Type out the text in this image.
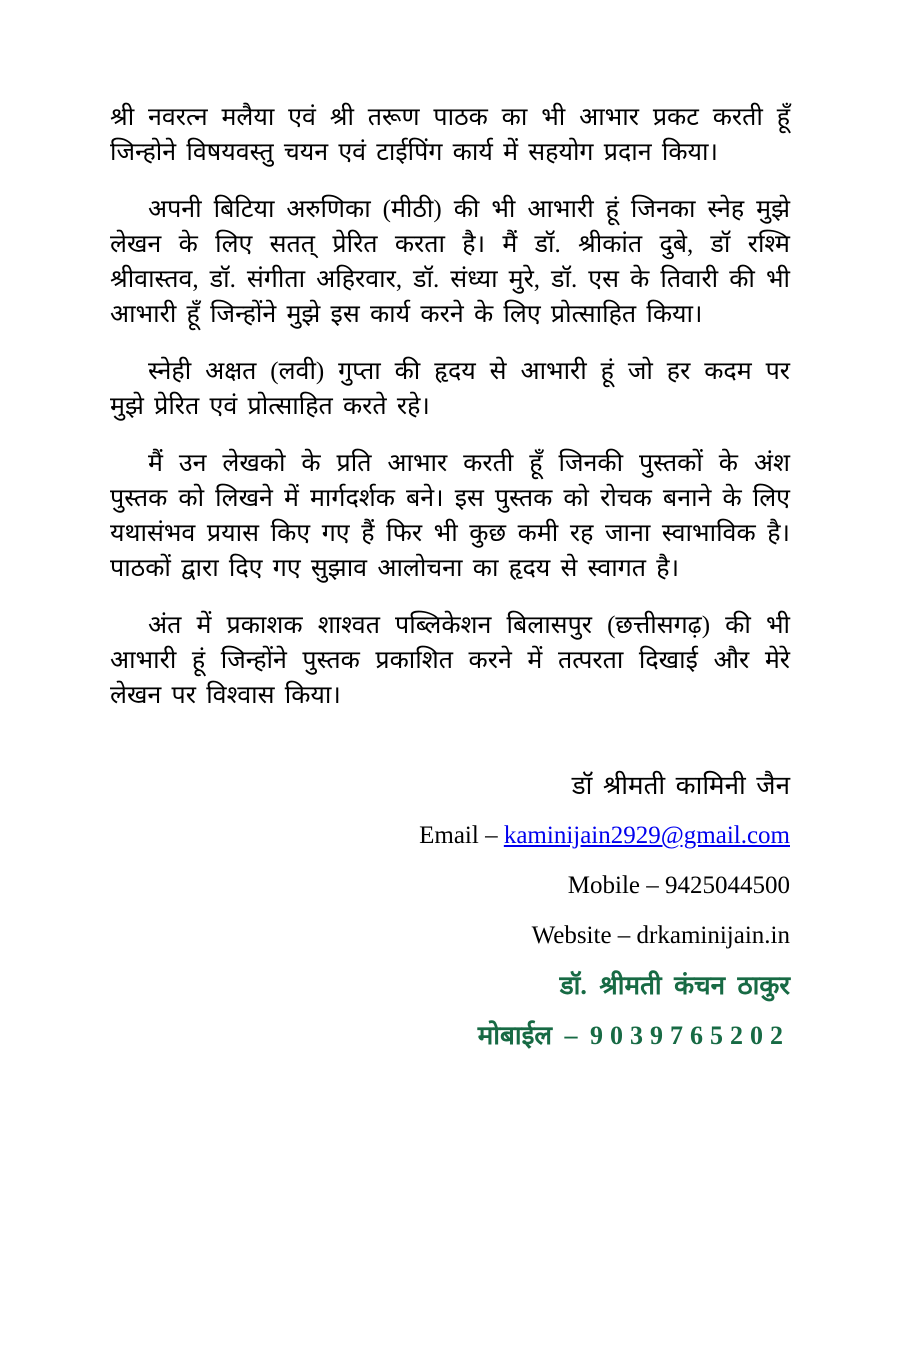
श्री नवरत्न मलैया एवं श्री तरूण पाठक का भी आभार प्रकट करती हूँ जिन्होने विषयवस्तु चयन एवं टाईपिंग कार्य में सहयोग प्रदान किया।

अपनी बिटिया अरुणिका (मीठी) की भी आभारी हूं जिनका स्नेह मुझे लेखन के लिए सतत् प्रेरित करता है। मैं डॉ. श्रीकांत दुबे, डॉ रश्मि श्रीवास्तव, डॉ. संगीता अहिरवार, डॉ. संध्या मुरे, डॉ. एस के तिवारी की भी आभारी हूँ जिन्होंने मुझे इस कार्य करने के लिए प्रोत्साहित किया।

स्नेही अक्षत (लवी) गुप्ता की हृदय से आभारी हूं जो हर कदम पर मुझे प्रेरित एवं प्रोत्साहित करते रहे।

मैं उन लेखको के प्रति आभार करती हूँ जिनकी पुस्तकों के अंश पुस्तक को लिखने में मार्गदर्शक बने। इस पुस्तक को रोचक बनाने के लिए यथासंभव प्रयास किए गए हैं फिर भी कुछ कमी रह जाना स्वाभाविक है। पाठकों द्वारा दिए गए सुझाव आलोचना का हृदय से स्वागत है।

अंत में प्रकाशक शाश्वत पब्लिकेशन बिलासपुर (छत्तीसगढ़) की भी आभारी हूं जिन्होंने पुस्तक प्रकाशित करने में तत्परता दिखाई और मेरे लेखन पर विश्वास किया।

डॉ श्रीमती कामिनी जैन

Email – kaminijain2929@gmail.com

Mobile – 9425044500

Website – drkaminijain.in

डॉ. श्रीमती कंचन ठाकुर

मोबाईल – 9039765202
